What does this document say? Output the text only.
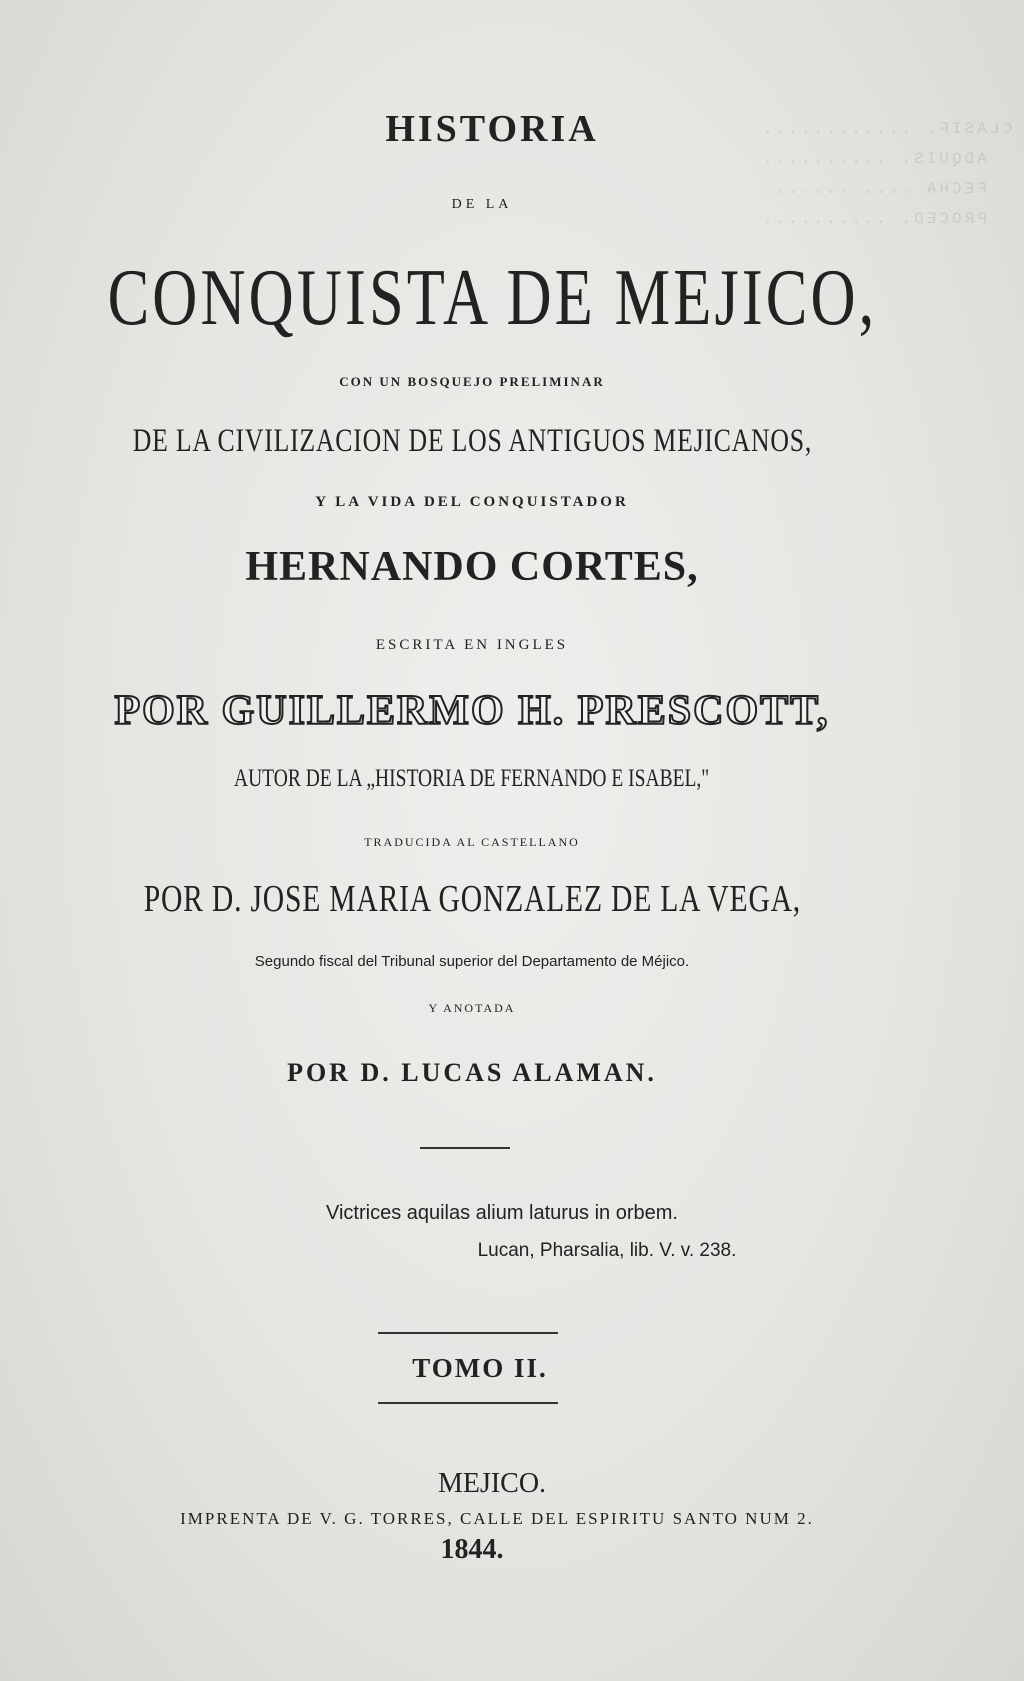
CLASIF. ............
ADQUIS. ..........
FECHA ............
PROCED. ..........
HISTORIA
DE LA
CONQUISTA DE MEJICO,
CON UN BOSQUEJO PRELIMINAR
DE LA CIVILIZACION DE LOS ANTIGUOS MEJICANOS,
Y LA VIDA DEL CONQUISTADOR
HERNANDO CORTES,
ESCRITA EN INGLES
POR GUILLERMO H. PRESCOTT,
AUTOR DE LA „HISTORIA DE FERNANDO E ISABEL,"
TRADUCIDA AL CASTELLANO
POR D. JOSE MARIA GONZALEZ DE LA VEGA,
Segundo fiscal del Tribunal superior del Departamento de Méjico.
Y ANOTADA
POR D. LUCAS ALAMAN.
Victrices aquilas alium laturus in orbem.
Lucan, Pharsalia, lib. V. v. 238.
TOMO II.
MEJICO.
IMPRENTA DE V. G. TORRES, CALLE DEL ESPIRITU SANTO NUM 2.
1844.
